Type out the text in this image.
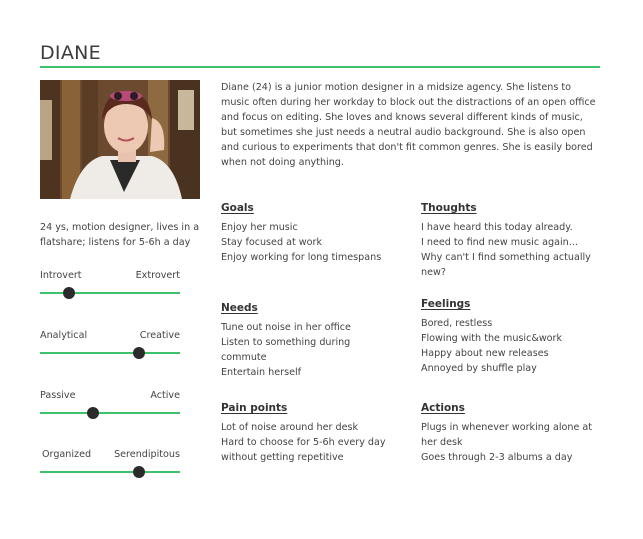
DIANE
Diane (24) is a junior motion designer in a midsize agency. She listens to music often during her workday to block out the distractions of an open office and focus on editing. She loves and knows several different kinds of music, but sometimes she just needs a neutral audio background. She is also open and curious to experiments that don't fit common genres. She is easily bored when not doing anything.
24 ys, motion designer, lives in a flatshare; listens for 5-6h a day
Introvert	Extrovert
Analytical	Creative
Passive	Active
Organized Serendipitous
Goals
Enjoy her music
Stay focused at work
Enjoy working for long timespans
Needs
Tune out noise in her office
Listen to something during commute
Entertain herself
Pain points
Lot of noise around her desk
Hard to choose for 5-6h every day without getting repetitive
Thoughts
I have heard this today already.
I need to find new music again...
Why can't I find something actually new?
Feelings
Bored, restless
Flowing with the music&work
Happy about new releases
Annoyed by shuffle play
Actions
Plugs in whenever working alone at her desk
Goes through 2-3 albums a day
